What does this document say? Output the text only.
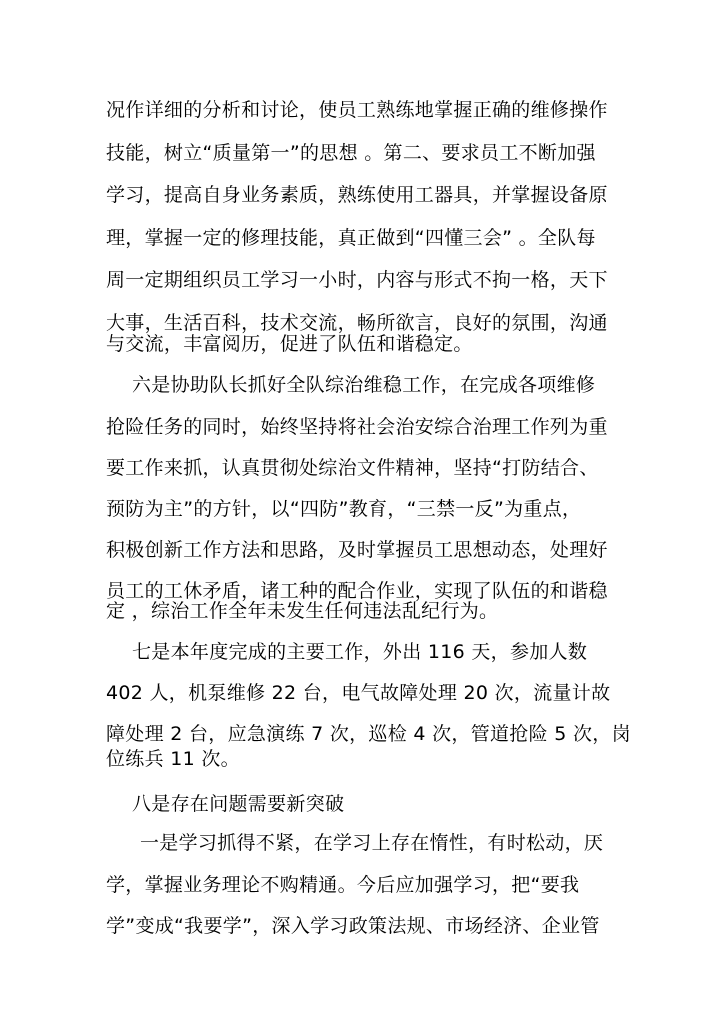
况作详细的分析和讨论，使员工熟练地掌握正确的维修操作

技能，树立“质量第一”的思想 。第二、要求员工不断加强

学习，提高自身业务素质，熟练使用工器具，并掌握设备原

理，掌握一定的修理技能，真正做到“四懂三会” 。全队每

周一定期组织员工学习一小时，内容与形式不拘一格，天下

大事，生活百科，技术交流，畅所欲言，良好的氛围，沟通

与交流，丰富阅历，促进了队伍和谐稳定。

六是协助队长抓好全队综治维稳工作，在完成各项维修

抢险任务的同时，始终坚持将社会治安综合治理工作列为重

要工作来抓，认真贯彻处综治文件精神，坚持“打防结合、

预防为主”的方针，以“四防”教育，“三禁一反”为重点，

积极创新工作方法和思路，及时掌握员工思想动态，处理好

员工的工休矛盾，诸工种的配合作业，实现了队伍的和谐稳

定 ，综治工作全年未发生任何违法乱纪行为。

七是本年度完成的主要工作，外出 116 天，参加人数

402 人，机泵维修 22 台，电气故障处理 20 次，流量计故

障处理 2 台，应急演练 7 次，巡检 4 次，管道抢险 5 次，岗

位练兵 11 次。

八是存在问题需要新突破

一是学习抓得不紧，在学习上存在惰性，有时松动，厌

学，掌握业务理论不购精通。今后应加强学习，把“要我

学”变成“我要学”，深入学习政策法规、市场经济、企业管
